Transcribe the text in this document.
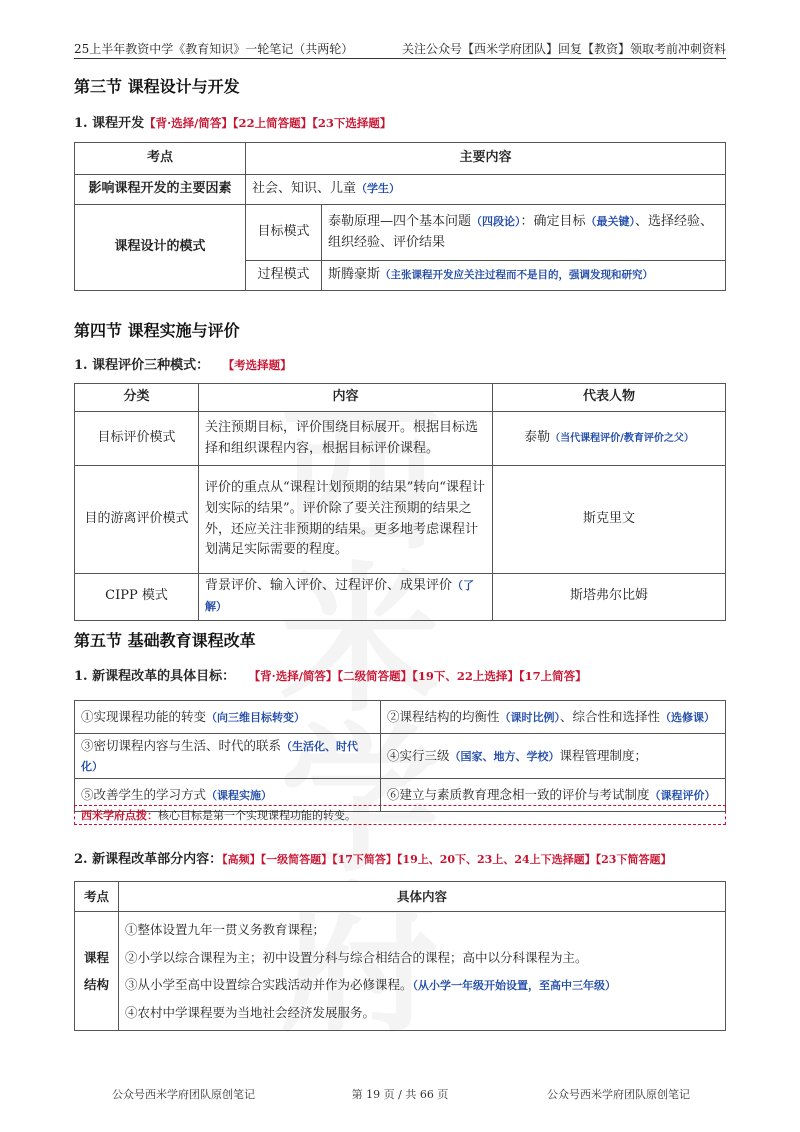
25上半年教资中学《教育知识》一轮笔记（共两轮）	关注公众号【西米学府团队】回复【教资】领取考前冲刺资料
第三节 课程设计与开发
1. 课程开发【背·选择/简答】【22上简答题】【23下选择题】
考点	主要内容	
影响课程开发的主要因素	社会、知识、儿童（学生）	
课程设计的模式	目标模式	泰勒原理—四个基本问题（四段论）：确定目标（最关键）、选择经验、组织经验、评价结果
	过程模式	斯腾豪斯（主张课程开发应关注过程而不是目的，强调发现和研究）
第四节 课程实施与评价
1. 课程评价三种模式： 【考选择题】
分类	内容	代表人物
目标评价模式	关注预期目标，评价围绕目标展开。根据目标选择和组织课程内容，根据目标评价课程。	泰勒（当代课程评价/教育评价之父）
目的游离评价模式	评价的重点从“课程计划预期的结果”转向“课程计划实际的结果”。评价除了要关注预期的结果之外，还应关注非预期的结果。更多地考虑课程计划满足实际需要的程度。	斯克里文
CIPP 模式	背景评价、输入评价、过程评价、成果评价（了解）	斯塔弗尔比姆
第五节 基础教育课程改革
1. 新课程改革的具体目标： 【背·选择/简答】【二级简答题】【19下、22上选择】【17上简答】
①实现课程功能的转变（向三维目标转变）	②课程结构的均衡性（课时比例）、综合性和选择性（选修课）
③密切课程内容与生活、时代的联系（生活化、时代化）	④实行三级（国家、地方、学校）课程管理制度；
⑤改善学生的学习方式（课程实施）	⑥建立与素质教育理念相一致的评价与考试制度（课程评价）
西米学府点拨：核心目标是第一个实现课程功能的转变。
2. 新课程改革部分内容：【高频】【一级简答题】【17下简答】【19上、20下、23上、24上下选择题】【23下简答题】
考点	具体内容
课程结构	①整体设置九年一贯义务教育课程；
②小学以综合课程为主；初中设置分科与综合相结合的课程；高中以分科课程为主。
③从小学至高中设置综合实践活动并作为必修课程。（从小学一年级开始设置，至高中三年级）
④农村中学课程要为当地社会经济发展服务。
公众号西米学府团队原创笔记	第 19 页 / 共 66 页	公众号西米学府团队原创笔记
